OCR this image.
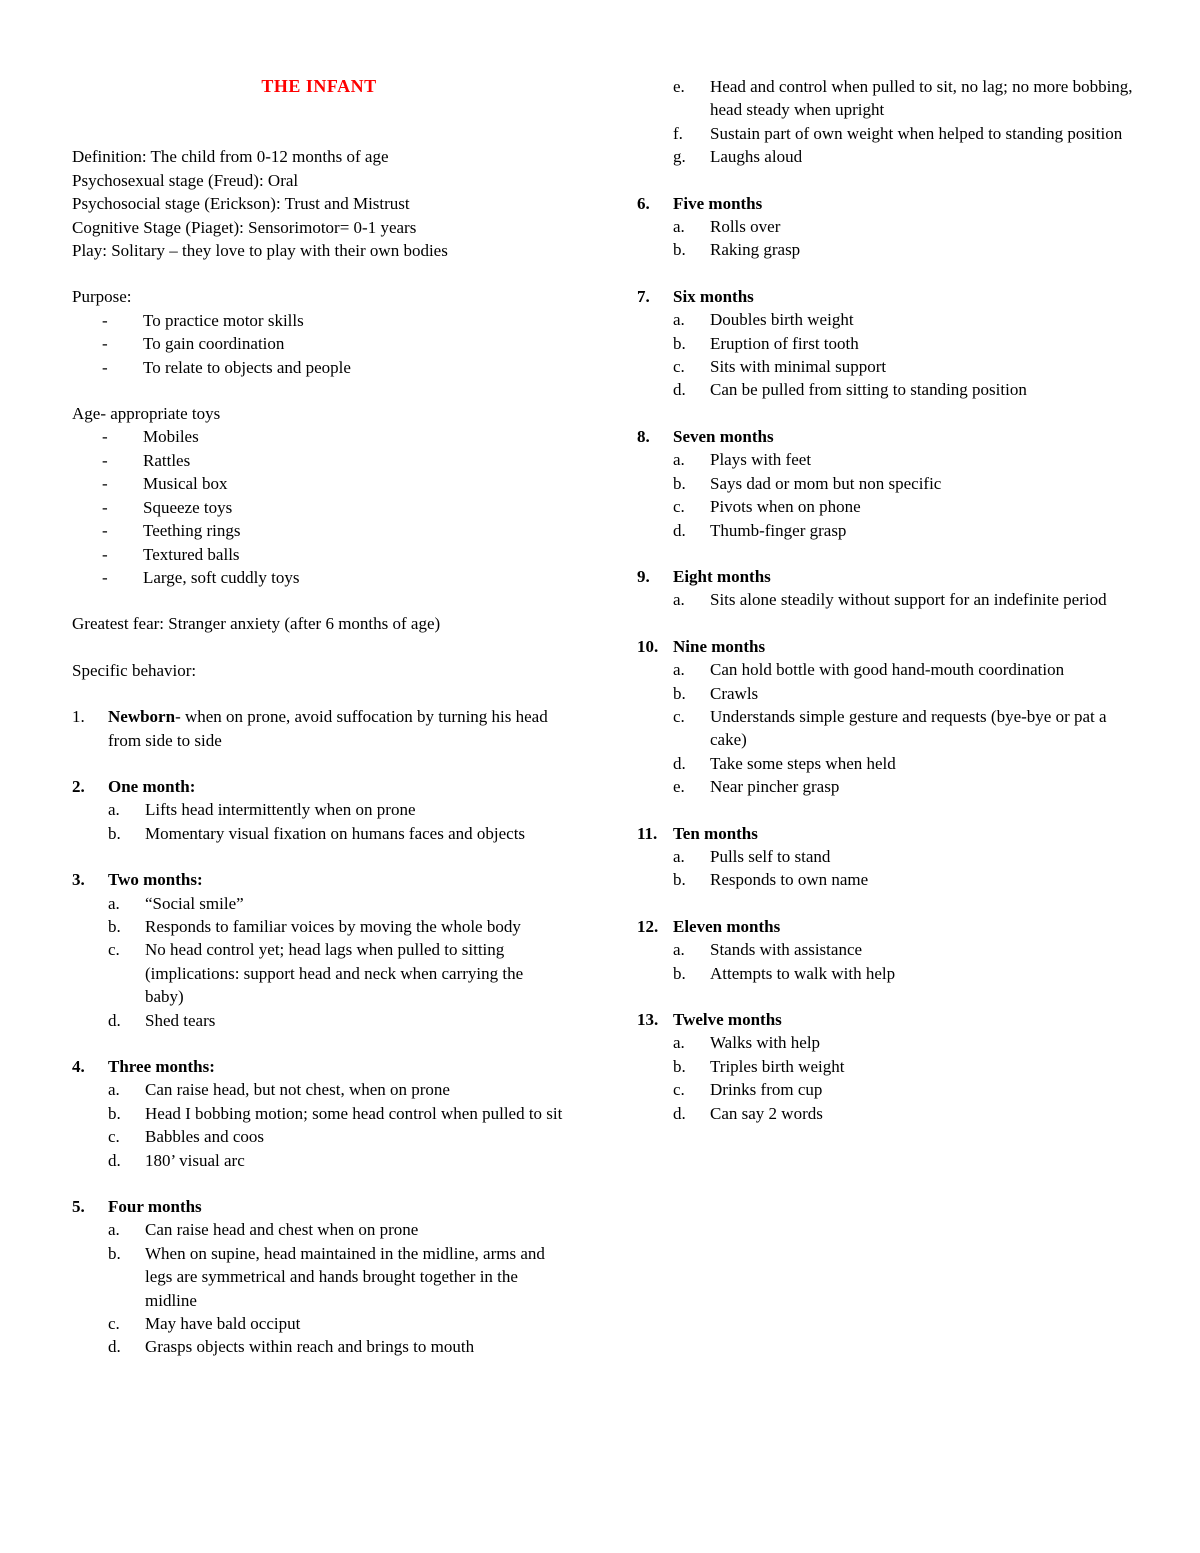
THE INFANT

Definition: The child from 0-12 months of age

Psychosexual stage (Freud): Oral

Psychosocial stage (Erickson): Trust and Mistrust

Cognitive Stage (Piaget): Sensorimotor= 0-1 years

Play: Solitary – they love to play with their own bodies

Purpose:

-	To practice motor skills
-	To gain coordination
-	To relate to objects and people

Age- appropriate toys

-	Mobiles
-	Rattles
-	Musical box
-	Squeeze toys
-	Teething rings
-	Textured balls
-	Large, soft cuddly toys

Greatest fear: Stranger anxiety (after 6 months of age)

Specific behavior:

1.	Newborn- when on prone, avoid suffocation by turning his head from side to side
2.	One month:
a.	Lifts head intermittently when on prone
b.	Momentary visual fixation on humans faces and objects
3.	Two months:
a.	“Social smile”
b.	Responds to familiar voices by moving the whole body
c.	No head control yet; head lags when pulled to sitting (implications: support head and neck when carrying the baby)
d.	Shed tears
4.	Three months:
a.	Can raise head, but not chest, when on prone
b.	Head I bobbing motion; some head control when pulled to sit
c.	Babbles and coos
d.	180’ visual arc
5.	Four months
a.	Can raise head and chest when on prone
b.	When on supine, head maintained in the midline, arms and legs are symmetrical and hands brought together in the midline
c.	May have bald occiput
d.	Grasps objects within reach and brings to mouth
e.	Head and control when pulled to sit, no lag; no more bobbing, head steady when upright
f.	Sustain part of own weight when helped to standing position
g.	Laughs aloud
6.	Five months
a.	Rolls over
b.	Raking grasp
7.	Six months
a.	Doubles birth weight
b.	Eruption of first tooth
c.	Sits with minimal support
d.	Can be pulled from sitting to standing position
8.	Seven months
a.	Plays with feet
b.	Says dad or mom but non specific
c.	Pivots when on phone
d.	Thumb-finger grasp
9.	Eight months
a.	Sits alone steadily without support for an indefinite period
10. Nine months
a.	Can hold bottle with good hand-mouth coordination
b.	Crawls
c.	Understands simple gesture and requests (bye-bye or pat a cake)
d.	Take some steps when held
e.	Near pincher grasp
11. Ten months
a.	Pulls self to stand
b.	Responds to own name
12. Eleven months
a.	Stands with assistance
b.	Attempts to walk with help
13. Twelve months
a.	Walks with help
b.	Triples birth weight
c.	Drinks from cup
d.	Can say 2 words
